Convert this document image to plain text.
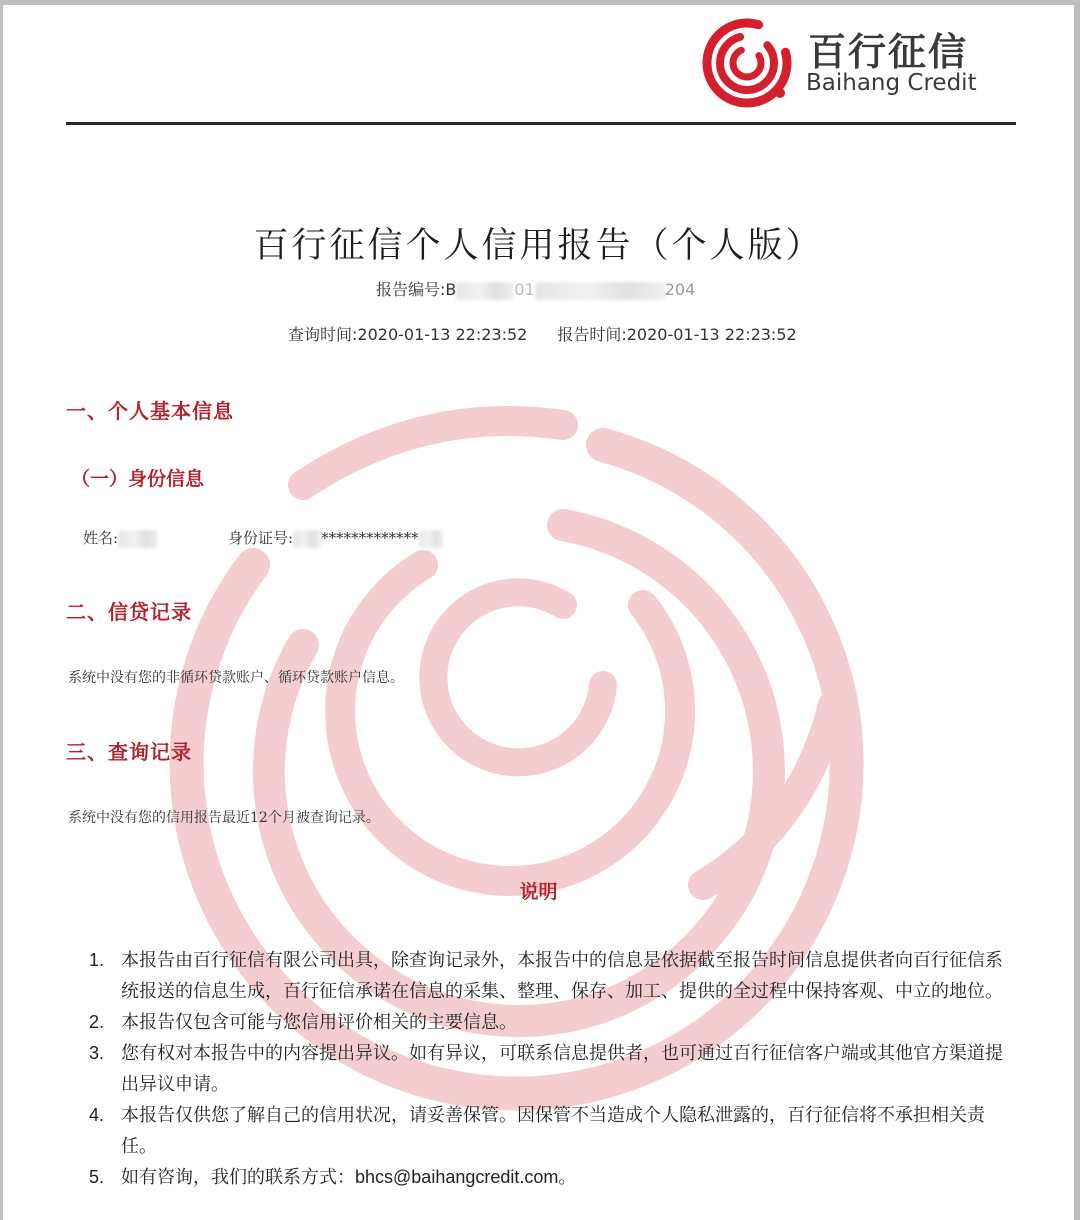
百行征信
Baihang Credit
百行征信个人信用报告（个人版）
报告编号:B	01	204
查询时间:2020-01-13 22:23:52 报告时间:2020-01-13 22:23:52
一、个人基本信息
（一）身份信息
姓名:	身份证号: *************
二、信贷记录
系统中没有您的非循环贷款账户、循环贷款账户信息。
三、查询记录
系统中没有您的信用报告最近12个月被查询记录。
说明
1. 本报告由百行征信有限公司出具，除查询记录外，本报告中的信息是依据截至报告时间信息提供者向百行征信系统报送的信息生成，百行征信承诺在信息的采集、整理、保存、加工、提供的全过程中保持客观、中立的地位。
2. 本报告仅包含可能与您信用评价相关的主要信息。
3. 您有权对本报告中的内容提出异议。如有异议，可联系信息提供者，也可通过百行征信客户端或其他官方渠道提出异议申请。
4. 本报告仅供您了解自己的信用状况，请妥善保管。因保管不当造成个人隐私泄露的，百行征信将不承担相关责任。
5. 如有咨询，我们的联系方式：bhcs@baihangcredit.com。
